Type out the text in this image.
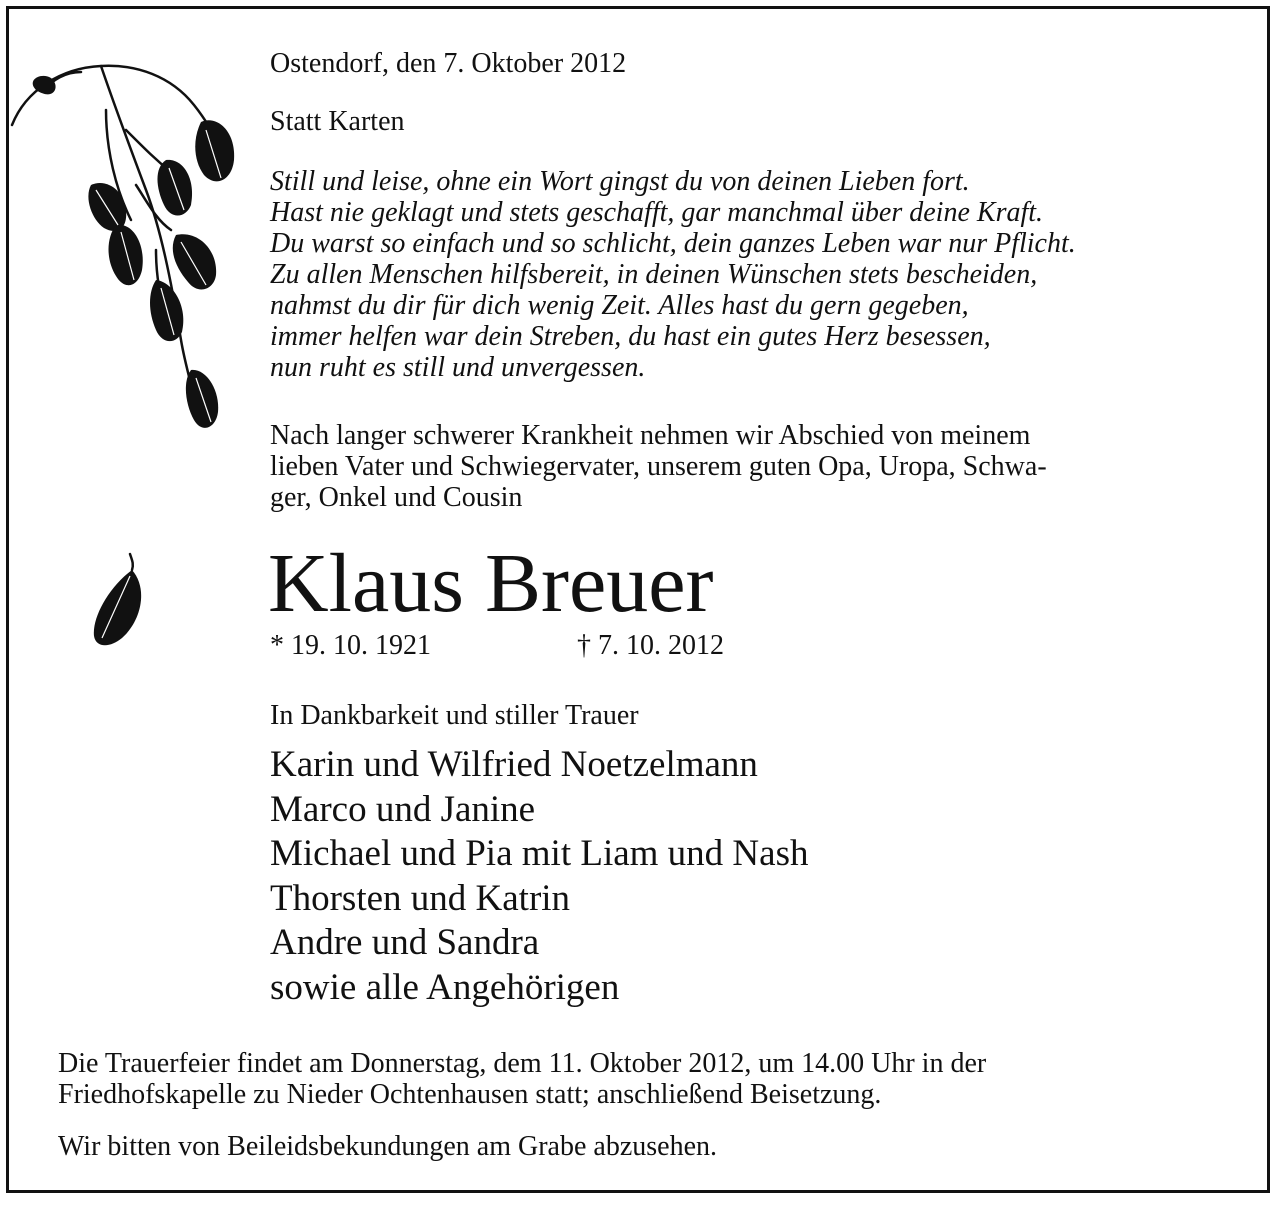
Ostendorf, den 7. Oktober 2012
Statt Karten
Still und leise, ohne ein Wort gingst du von deinen Lieben fort.
Hast nie geklagt und stets geschafft, gar manchmal über deine Kraft.
Du warst so einfach und so schlicht, dein ganzes Leben war nur Pflicht.
Zu allen Menschen hilfsbereit, in deinen Wünschen stets bescheiden,
nahmst du dir für dich wenig Zeit. Alles hast du gern gegeben,
immer helfen war dein Streben, du hast ein gutes Herz besessen,
nun ruht es still und unvergessen.
Nach langer schwerer Krankheit nehmen wir Abschied von meinem
lieben Vater und Schwiegervater, unserem guten Opa, Uropa, Schwa-
ger, Onkel und Cousin
Klaus Breuer
* 19. 10. 1921	† 7. 10. 2012
In Dankbarkeit und stiller Trauer
Karin und Wilfried Noetzelmann
Marco und Janine
Michael und Pia mit Liam und Nash
Thorsten und Katrin
Andre und Sandra
sowie alle Angehörigen
Die Trauerfeier findet am Donnerstag, dem 11. Oktober 2012, um 14.00 Uhr in der
Friedhofskapelle zu Nieder Ochtenhausen statt; anschließend Beisetzung.
Wir bitten von Beileidsbekundungen am Grabe abzusehen.
